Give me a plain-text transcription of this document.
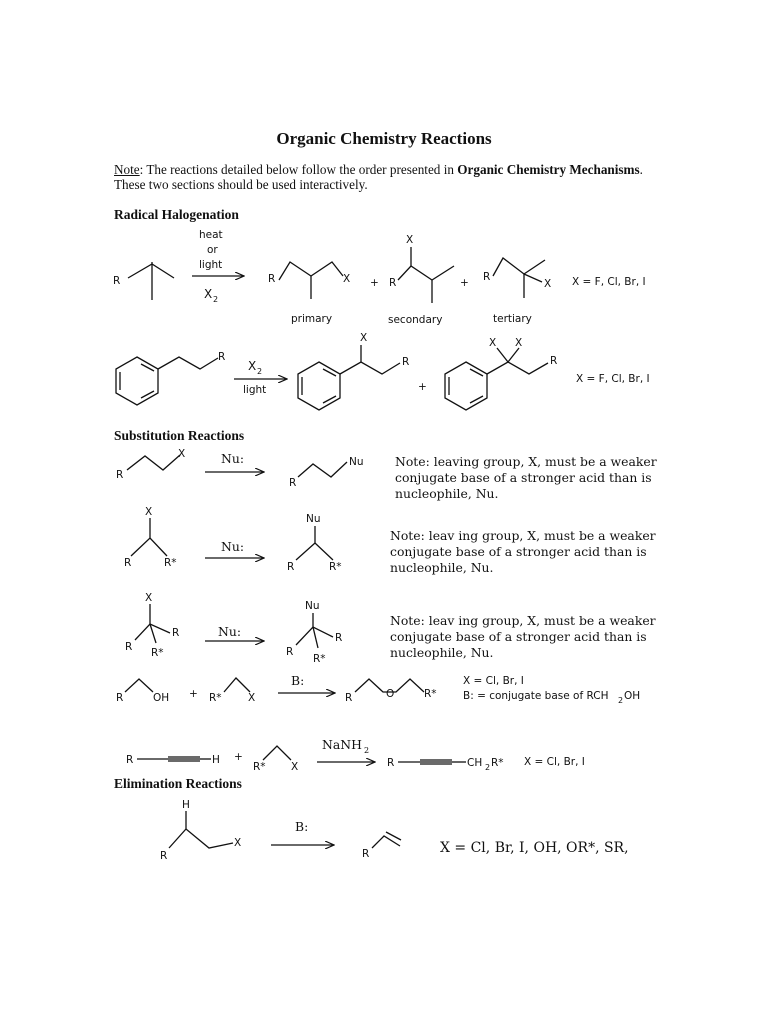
Organic Chemistry Reactions
Note: The reactions detailed below follow the order presented in Organic Chemistry Mechanisms.
These two sections should be used interactively.
Radical Halogenation
Substitution Reactions
Elimination Reactions
R
heat
or
light
X 2
R	X
primary
+ R
X
secondary
+ R
X
tertiary
X = F, Cl, Br, I
R
X 2
light
X
R
+
X X
R
X = F, Cl, Br, I
R
X	Nu:
R
Nu	Note: leaving group, X, must be a weaker
conjugate base of a stronger acid than is
nucleophile, Nu.
R	R*
X
Nu:
R	R*
Nu
Note: leav ing group, X, must be a weaker
conjugate base of a stronger acid than is
nucleophile, Nu.
R
R
R*
X
Nu:
R
R
R*
Nu
Note: leav ing group, X, must be a weaker
conjugate base of a stronger acid than is
nucleophile, Nu.
R	OH + R*	X
B:
R	O	R*
X = Cl, Br, I
B: = conjugate base of RCH 2 OH
R	H +
R* X
NaNH 2
R	CH 2 R* X = Cl, Br, I
H
R
X
B:
R	X = Cl, Br, I, OH, OR*, SR,
